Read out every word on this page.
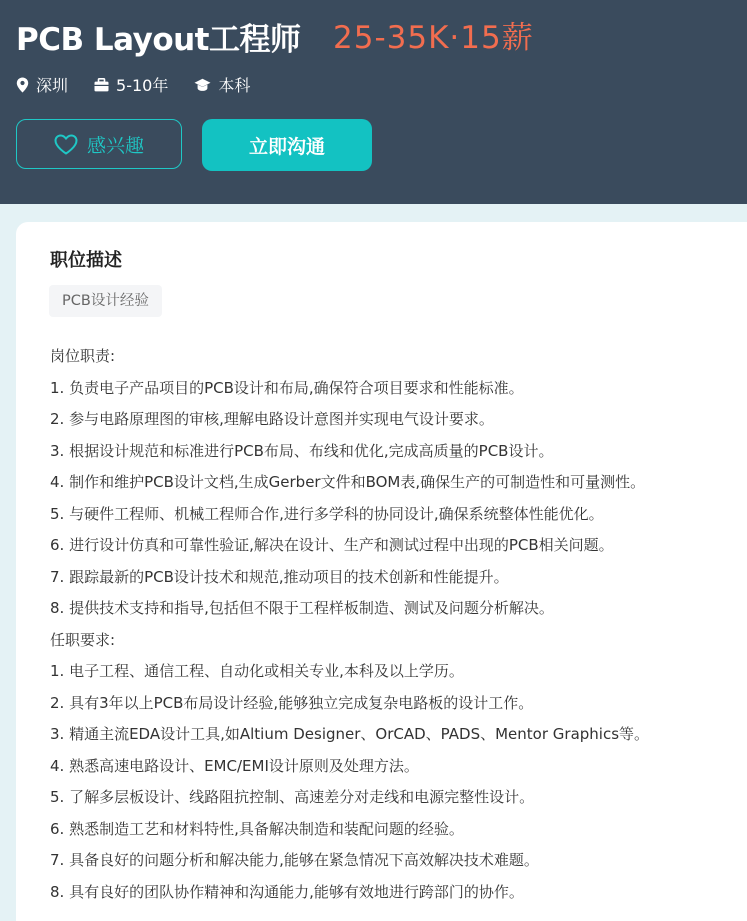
PCB Layout工程师 25-35K·15薪
深圳	5-10年	本科
感兴趣	立即沟通
职位描述
PCB设计经验
岗位职责:
1. 负责电子产品项目的PCB设计和布局,确保符合项目要求和性能标准。
2. 参与电路原理图的审核,理解电路设计意图并实现电气设计要求。
3. 根据设计规范和标准进行PCB布局、布线和优化,完成高质量的PCB设计。
4. 制作和维护PCB设计文档,生成Gerber文件和BOM表,确保生产的可制造性和可量测性。
5. 与硬件工程师、机械工程师合作,进行多学科的协同设计,确保系统整体性能优化。
6. 进行设计仿真和可靠性验证,解决在设计、生产和测试过程中出现的PCB相关问题。
7. 跟踪最新的PCB设计技术和规范,推动项目的技术创新和性能提升。
8. 提供技术支持和指导,包括但不限于工程样板制造、测试及问题分析解决。
任职要求:
1. 电子工程、通信工程、自动化或相关专业,本科及以上学历。
2. 具有3年以上PCB布局设计经验,能够独立完成复杂电路板的设计工作。
3. 精通主流EDA设计工具,如Altium Designer、OrCAD、PADS、Mentor Graphics等。
4. 熟悉高速电路设计、EMC/EMI设计原则及处理方法。
5. 了解多层板设计、线路阻抗控制、高速差分对走线和电源完整性设计。
6. 熟悉制造工艺和材料特性,具备解决制造和装配问题的经验。
7. 具备良好的问题分析和解决能力,能够在紧急情况下高效解决技术难题。
8. 具有良好的团队协作精神和沟通能力,能够有效地进行跨部门的协作。
